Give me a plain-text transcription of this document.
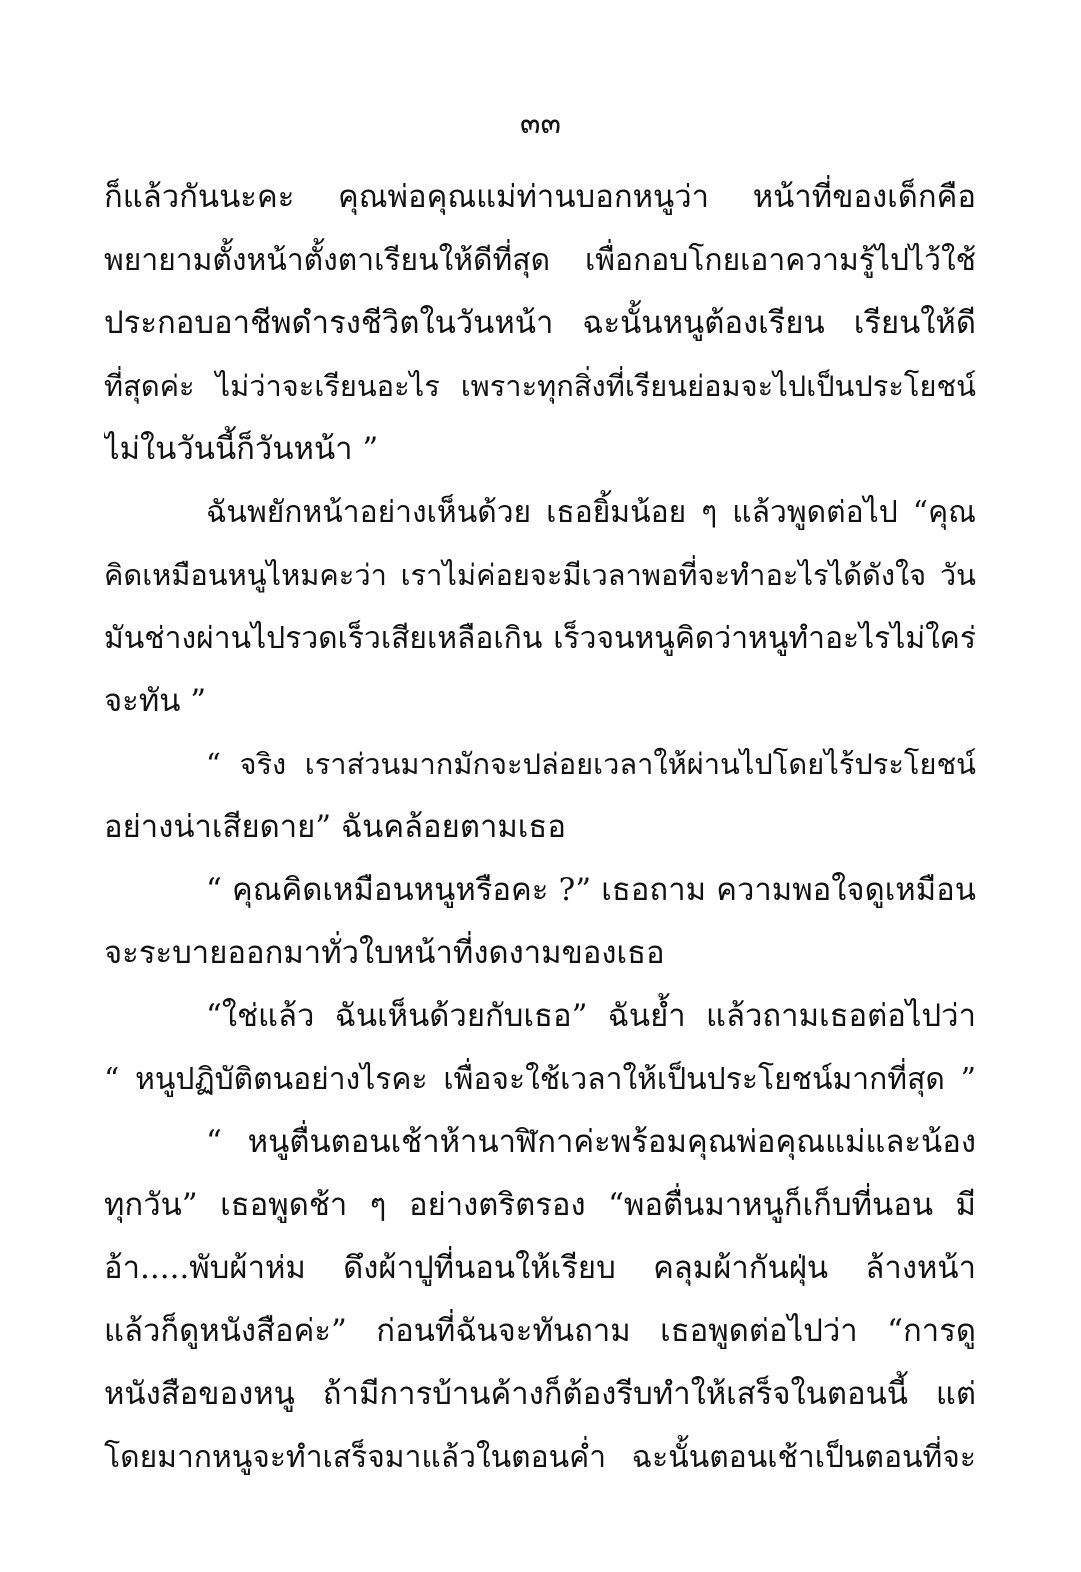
๓๓
ก็แล้วกันนะคะ คุณพ่อคุณแม่ท่านบอกหนูว่า หน้าที่ของเด็กคือ
พยายามตั้งหน้าตั้งตาเรียนให้ดีที่สุด เพื่อกอบโกยเอาความรู้ไปไว้ใช้
ประกอบอาชีพดำรงชีวิตในวันหน้า ฉะนั้นหนูต้องเรียน เรียนให้ดี
ที่สุดค่ะ ไม่ว่าจะเรียนอะไร เพราะทุกสิ่งที่เรียนย่อมจะไปเป็นประโยชน์
ไม่ในวันนี้ก็วันหน้า ”
ฉันพยักหน้าอย่างเห็นด้วย เธอยิ้มน้อย ๆ แล้วพูดต่อไป “คุณ
คิดเหมือนหนูไหมคะว่า เราไม่ค่อยจะมีเวลาพอที่จะทำอะไรได้ดังใจ วัน
มันช่างผ่านไปรวดเร็วเสียเหลือเกิน เร็วจนหนูคิดว่าหนูทำอะไรไม่ใคร่
จะทัน ”
“ จริง เราส่วนมากมักจะปล่อยเวลาให้ผ่านไปโดยไร้ประโยชน์
อย่างน่าเสียดาย” ฉันคล้อยตามเธอ
“ คุณคิดเหมือนหนูหรือคะ ?” เธอถาม ความพอใจดูเหมือน
จะระบายออกมาทั่วใบหน้าที่งดงามของเธอ
“ใช่แล้ว ฉันเห็นด้วยกับเธอ” ฉันย้ำ แล้วถามเธอต่อไปว่า
“ หนูปฏิบัติตนอย่างไรคะ เพื่อจะใช้เวลาให้เป็นประโยชน์มากที่สุด ”
“ หนูตื่นตอนเช้าห้านาฬิกาค่ะพร้อมคุณพ่อคุณแม่และน้อง
ทุกวัน” เธอพูดช้า ๆ อย่างตริตรอง “พอตื่นมาหนูก็เก็บที่นอน มี
อ้า.....พับผ้าห่ม ดึงผ้าปูที่นอนให้เรียบ คลุมผ้ากันฝุ่น ล้างหน้า
แล้วก็ดูหนังสือค่ะ” ก่อนที่ฉันจะทันถาม เธอพูดต่อไปว่า “การดู
หนังสือของหนู ถ้ามีการบ้านค้างก็ต้องรีบทำให้เสร็จในตอนนี้ แต่
โดยมากหนูจะทำเสร็จมาแล้วในตอนค่ำ ฉะนั้นตอนเช้าเป็นตอนที่จะ
